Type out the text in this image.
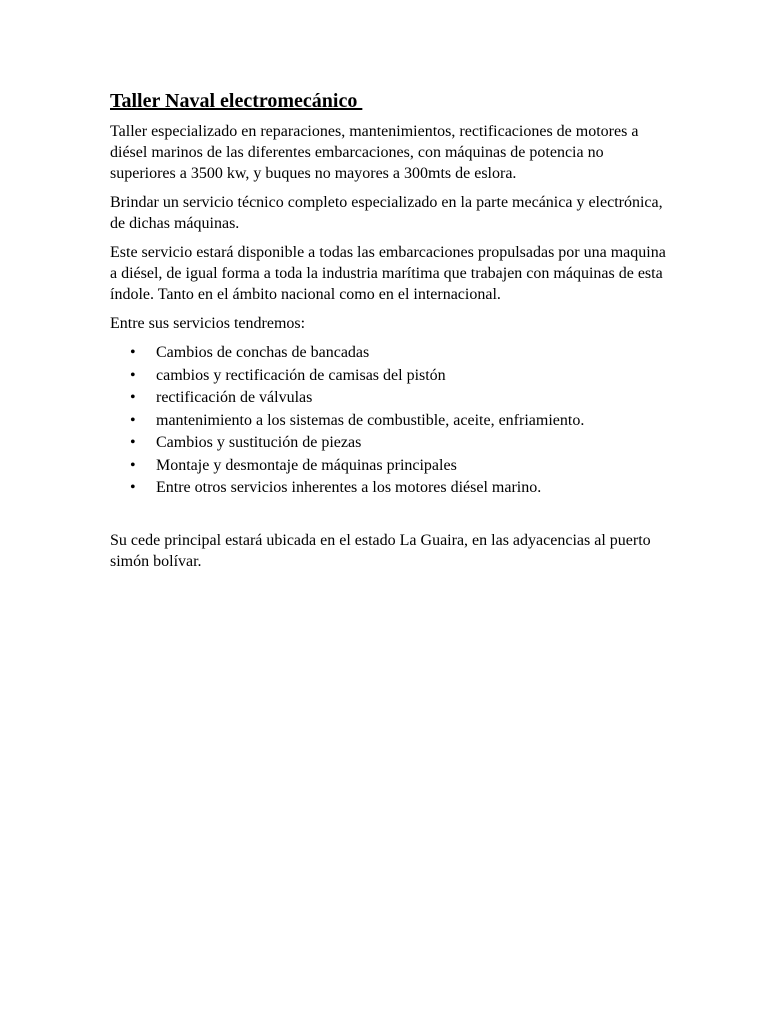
Taller Naval electromecánico

Taller especializado en reparaciones, mantenimientos, rectificaciones de motores a diésel marinos de las diferentes embarcaciones, con máquinas de potencia no superiores a 3500 kw, y buques no mayores a 300mts de eslora.

Brindar un servicio técnico completo especializado en la parte mecánica y electrónica, de dichas máquinas.

Este servicio estará disponible a todas las embarcaciones propulsadas por una maquina a diésel, de igual forma a toda la industria marítima que trabajen con máquinas de esta índole. Tanto en el ámbito nacional como en el internacional.

Entre sus servicios tendremos:

• Cambios de conchas de bancadas
• cambios y rectificación de camisas del pistón
• rectificación de válvulas
• mantenimiento a los sistemas de combustible, aceite, enfriamiento.
• Cambios y sustitución de piezas
• Montaje y desmontaje de máquinas principales
• Entre otros servicios inherentes a los motores diésel marino.

Su cede principal estará ubicada en el estado La Guaira, en las adyacencias al puerto simón bolívar.
